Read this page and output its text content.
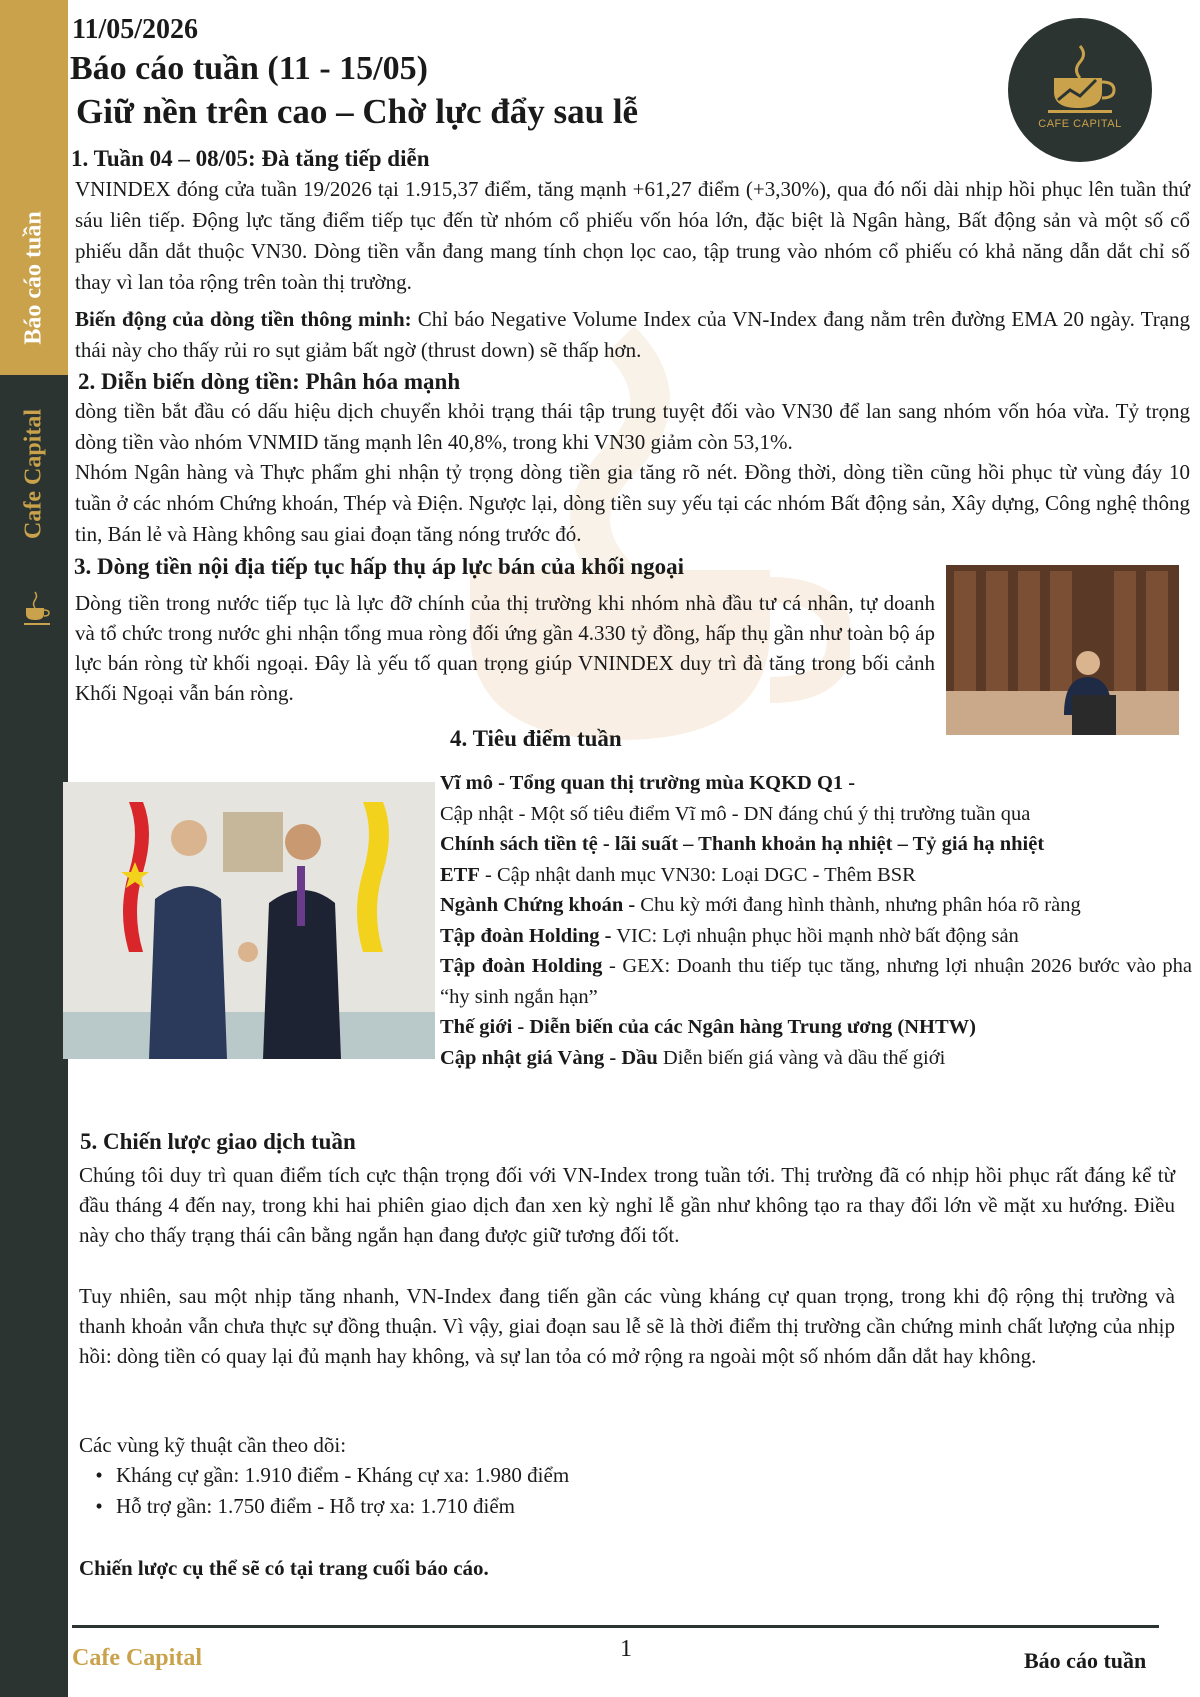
Báo cáo tuần
Cafe Capital
11/05/2026
Báo cáo tuần (11 - 15/05)
Giữ nền trên cao – Chờ lực đẩy sau lễ	CAFE CAPITAL
1. Tuần 04 – 08/05: Đà tăng tiếp diễn
VNINDEX đóng cửa tuần 19/2026 tại 1.915,37 điểm, tăng mạnh +61,27 điểm (+3,30%), qua đó nối dài nhịp hồi phục lên tuần thứ sáu liên tiếp. Động lực tăng điểm tiếp tục đến từ nhóm cổ phiếu vốn hóa lớn, đặc biệt là Ngân hàng, Bất động sản và một số cổ phiếu dẫn dắt thuộc VN30. Dòng tiền vẫn đang mang tính chọn lọc cao, tập trung vào nhóm cổ phiếu có khả năng dẫn dắt chỉ số thay vì lan tỏa rộng trên toàn thị trường.
Biến động của dòng tiền thông minh: Chỉ báo Negative Volume Index của VN-Index đang nằm trên đường EMA 20 ngày. Trạng thái này cho thấy rủi ro sụt giảm bất ngờ (thrust down) sẽ thấp hơn.
2. Diễn biến dòng tiền: Phân hóa mạnh
dòng tiền bắt đầu có dấu hiệu dịch chuyển khỏi trạng thái tập trung tuyệt đối vào VN30 để lan sang nhóm vốn hóa vừa. Tỷ trọng dòng tiền vào nhóm VNMID tăng mạnh lên 40,8%, trong khi VN30 giảm còn 53,1%.
Nhóm Ngân hàng và Thực phẩm ghi nhận tỷ trọng dòng tiền gia tăng rõ nét. Đồng thời, dòng tiền cũng hồi phục từ vùng đáy 10 tuần ở các nhóm Chứng khoán, Thép và Điện. Ngược lại, dòng tiền suy yếu tại các nhóm Bất động sản, Xây dựng, Công nghệ thông tin, Bán lẻ và Hàng không sau giai đoạn tăng nóng trước đó.
3. Dòng tiền nội địa tiếp tục hấp thụ áp lực bán của khối ngoại
Dòng tiền trong nước tiếp tục là lực đỡ chính của thị trường khi nhóm nhà đầu tư cá nhân, tự doanh và tổ chức trong nước ghi nhận tổng mua ròng đối ứng gần 4.330 tỷ đồng, hấp thụ gần như toàn bộ áp lực bán ròng từ khối ngoại. Đây là yếu tố quan trọng giúp VNINDEX duy trì đà tăng trong bối cảnh Khối Ngoại vẫn bán ròng.
4. Tiêu điểm tuần
Vĩ mô - Tổng quan thị trường mùa KQKD Q1 -
Cập nhật - Một số tiêu điểm Vĩ mô - DN đáng chú ý thị trường tuần qua
Chính sách tiền tệ - lãi suất – Thanh khoản hạ nhiệt – Tỷ giá hạ nhiệt
ETF - Cập nhật danh mục VN30: Loại DGC - Thêm BSR
Ngành Chứng khoán - Chu kỳ mới đang hình thành, nhưng phân hóa rõ ràng
Tập đoàn Holding - VIC: Lợi nhuận phục hồi mạnh nhờ bất động sản
Tập đoàn Holding - GEX: Doanh thu tiếp tục tăng, nhưng lợi nhuận 2026 bước vào pha “hy sinh ngắn hạn”
Thế giới - Diễn biến của các Ngân hàng Trung ương (NHTW)
Cập nhật giá Vàng - Dầu Diễn biến giá vàng và dầu thế giới
5. Chiến lược giao dịch tuần
Chúng tôi duy trì quan điểm tích cực thận trọng đối với VN-Index trong tuần tới. Thị trường đã có nhịp hồi phục rất đáng kể từ đầu tháng 4 đến nay, trong khi hai phiên giao dịch đan xen kỳ nghỉ lễ gần như không tạo ra thay đổi lớn về mặt xu hướng. Điều này cho thấy trạng thái cân bằng ngắn hạn đang được giữ tương đối tốt.
Tuy nhiên, sau một nhịp tăng nhanh, VN-Index đang tiến gần các vùng kháng cự quan trọng, trong khi độ rộng thị trường và thanh khoản vẫn chưa thực sự đồng thuận. Vì vậy, giai đoạn sau lễ sẽ là thời điểm thị trường cần chứng minh chất lượng của nhịp hồi: dòng tiền có quay lại đủ mạnh hay không, và sự lan tỏa có mở rộng ra ngoài một số nhóm dẫn dắt hay không.
Các vùng kỹ thuật cần theo dõi:
• Kháng cự gần: 1.910 điểm - Kháng cự xa: 1.980 điểm
• Hỗ trợ gần: 1.750 điểm - Hỗ trợ xa: 1.710 điểm
Chiến lược cụ thể sẽ có tại trang cuối báo cáo.
Cafe Capital	1	Báo cáo tuần
